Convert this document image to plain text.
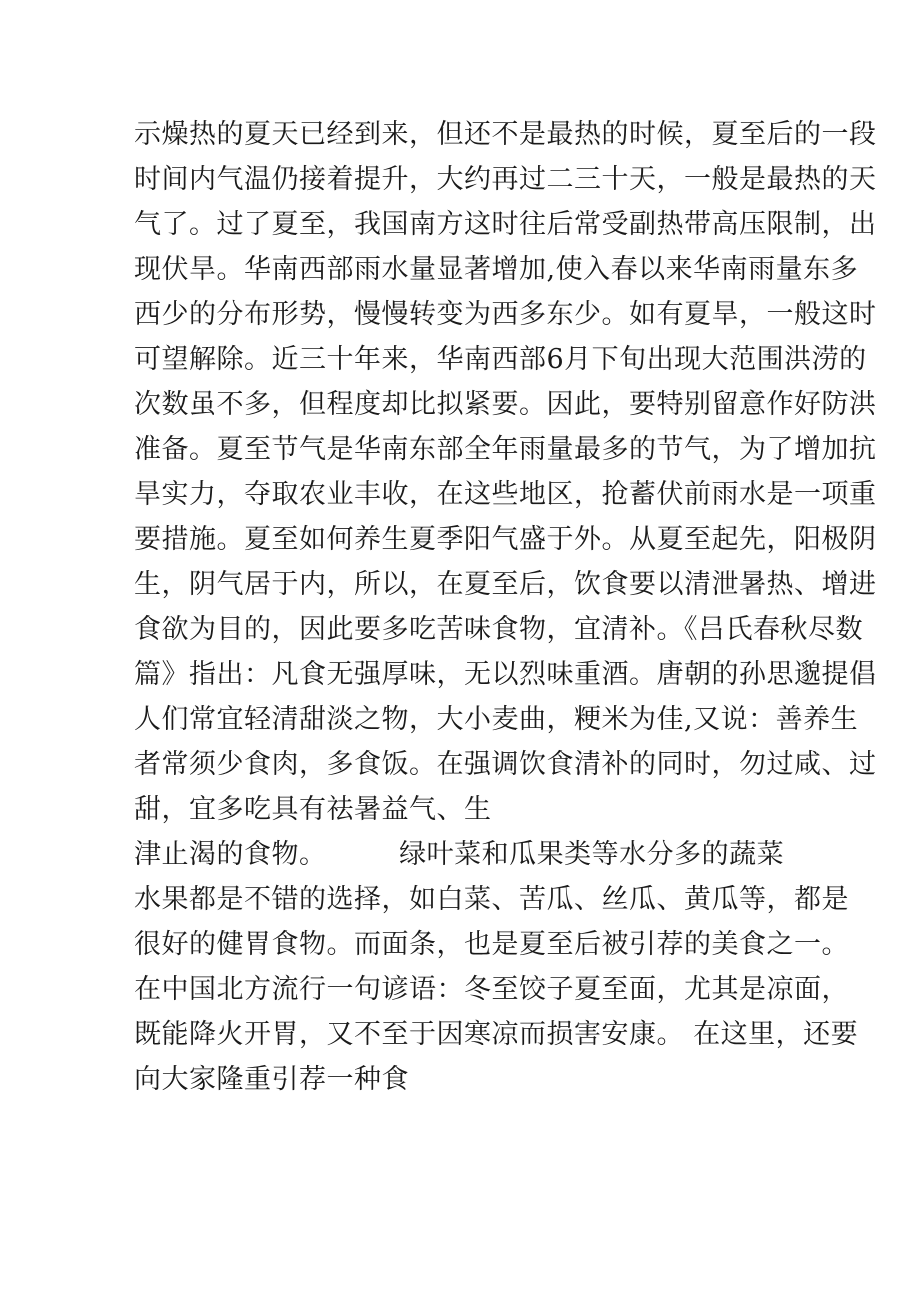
示燥热的夏天已经到来，但还不是最热的时候，夏至后的一段
时间内气温仍接着提升，大约再过二三十天，一般是最热的天
气了。过了夏至，我国南方这时往后常受副热带高压限制，出
现伏旱。华南西部雨水量显著增加,使入春以来华南雨量东多
西少的分布形势，慢慢转变为西多东少。如有夏旱，一般这时
可望解除。近三十年来，华南西部6月下旬出现大范围洪涝的
次数虽不多，但程度却比拟紧要。因此，要特别留意作好防洪
准备。夏至节气是华南东部全年雨量最多的节气，为了增加抗
旱实力，夺取农业丰收，在这些地区，抢蓄伏前雨水是一项重
要措施。夏至如何养生夏季阳气盛于外。从夏至起先，阳极阴
生，阴气居于内，所以，在夏至后，饮食要以清泄暑热、增进
食欲为目的，因此要多吃苦味食物，宜清补。《吕氏春秋尽数
篇》指出：凡食无强厚味，无以烈味重酒。唐朝的孙思邈提倡
人们常宜轻清甜淡之物，大小麦曲，粳米为佳,又说：善养生
者常须少食肉，多食饭。在强调饮食清补的同时，勿过咸、过
甜，宜多吃具有祛暑益气、生
津止渴的食物。        绿叶菜和瓜果类等水分多的蔬菜
水果都是不错的选择，如白菜、苦瓜、丝瓜、黄瓜等，都是
很好的健胃食物。而面条，也是夏至后被引荐的美食之一。
在中国北方流行一句谚语：冬至饺子夏至面，尤其是凉面，
既能降火开胃，又不至于因寒凉而损害安康。 在这里，还要
向大家隆重引荐一种食
